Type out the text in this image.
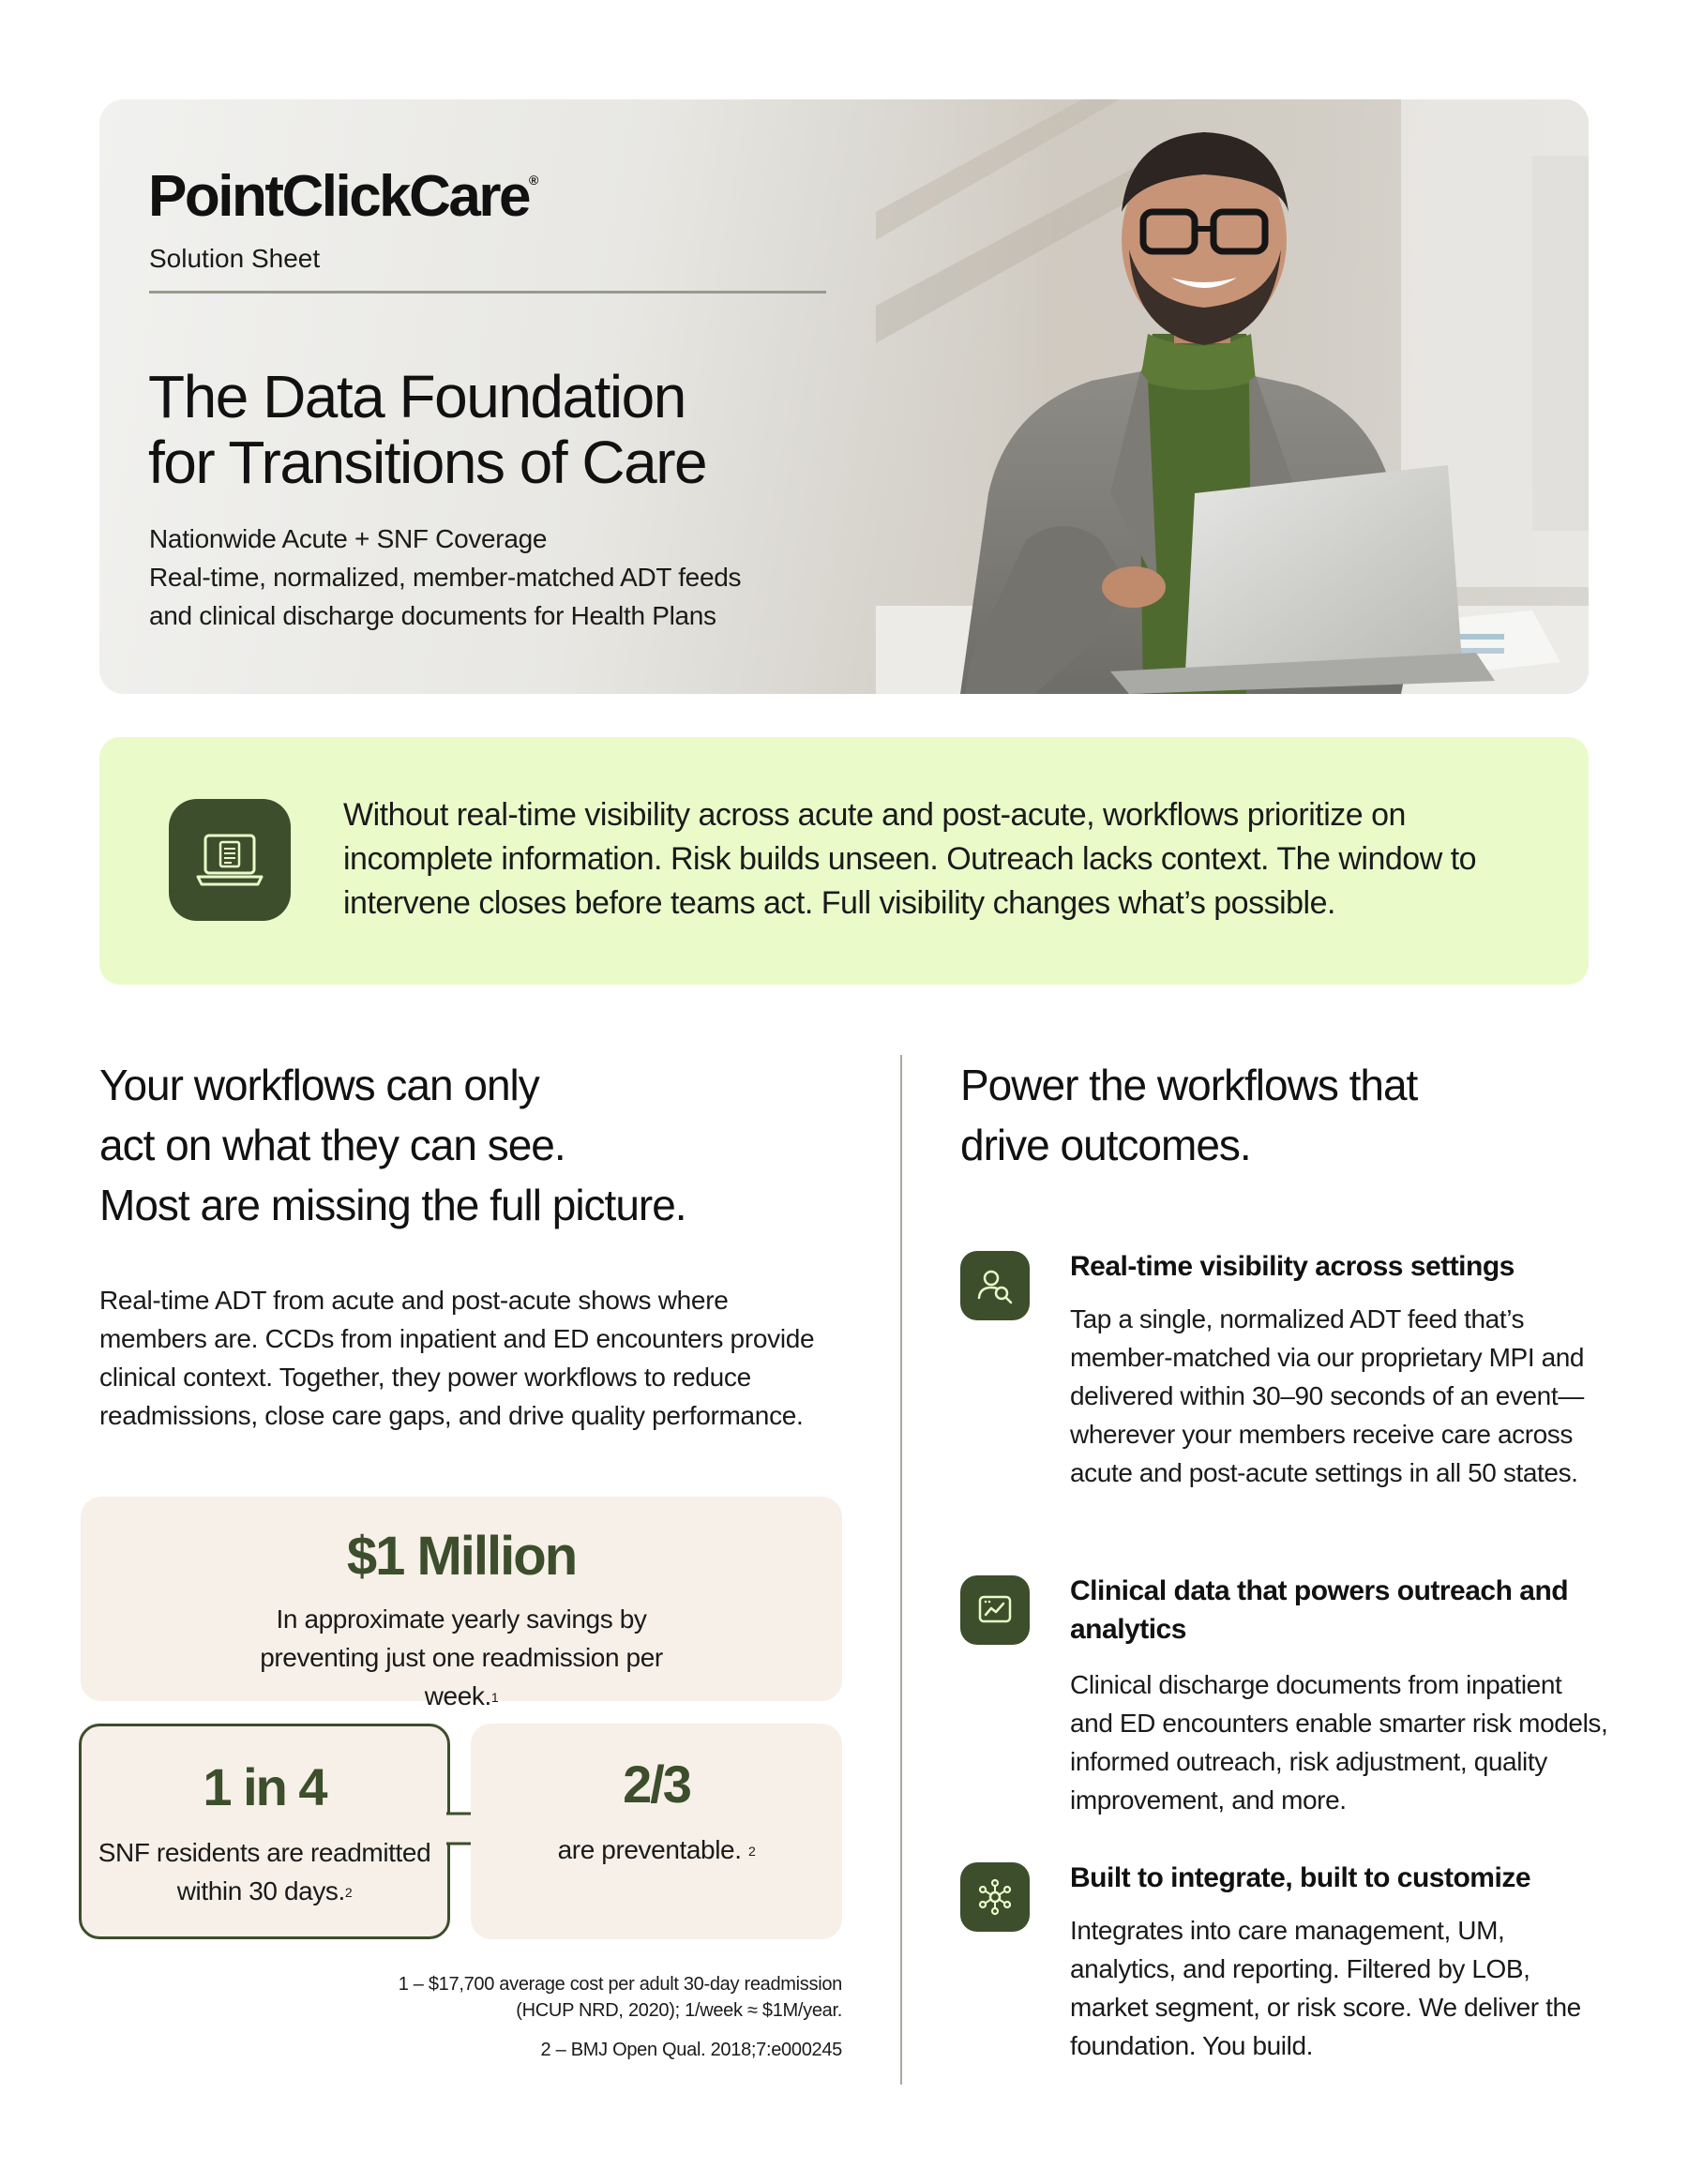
PointClickCare®
Solution Sheet
The Data Foundation
for Transitions of Care
Nationwide Acute + SNF Coverage
Real-time, normalized, member-matched ADT feeds
and clinical discharge documents for Health Plans

Without real-time visibility across acute and post-acute, workflows prioritize on incomplete information. Risk builds unseen. Outreach lacks context. The window to intervene closes before teams act. Full visibility changes what’s possible.

Your workflows can only
act on what they can see.
Most are missing the full picture.

Real-time ADT from acute and post-acute shows where members are. CCDs from inpatient and ED encounters provide clinical context. Together, they power workflows to reduce readmissions, close care gaps, and drive quality performance.

$1 Million
In approximate yearly savings by preventing just one readmission per week.$^1$
1 in 4
SNF residents are readmitted within 30 days.$^2$
2/3
are preventable. $^2$
1 – $17,700 average cost per adult 30-day readmission
(HCUP NRD, 2020); 1/week ≈ $1M/year.
2 – BMJ Open Qual. 2018;7:e000245
Power the workflows that
drive outcomes.
Real-time visibility across settings

Tap a single, normalized ADT feed that’s member-matched via our proprietary MPI and delivered within 30–90 seconds of an event—wherever your members receive care across acute and post-acute settings in all 50 states.

Clinical data that powers outreach and analytics

Clinical discharge documents from inpatient and ED encounters enable smarter risk models, informed outreach, risk adjustment, quality improvement, and more.

Built to integrate, built to customize

Integrates into care management, UM, analytics, and reporting. Filtered by LOB, market segment, or risk score. We deliver the foundation. You build.
